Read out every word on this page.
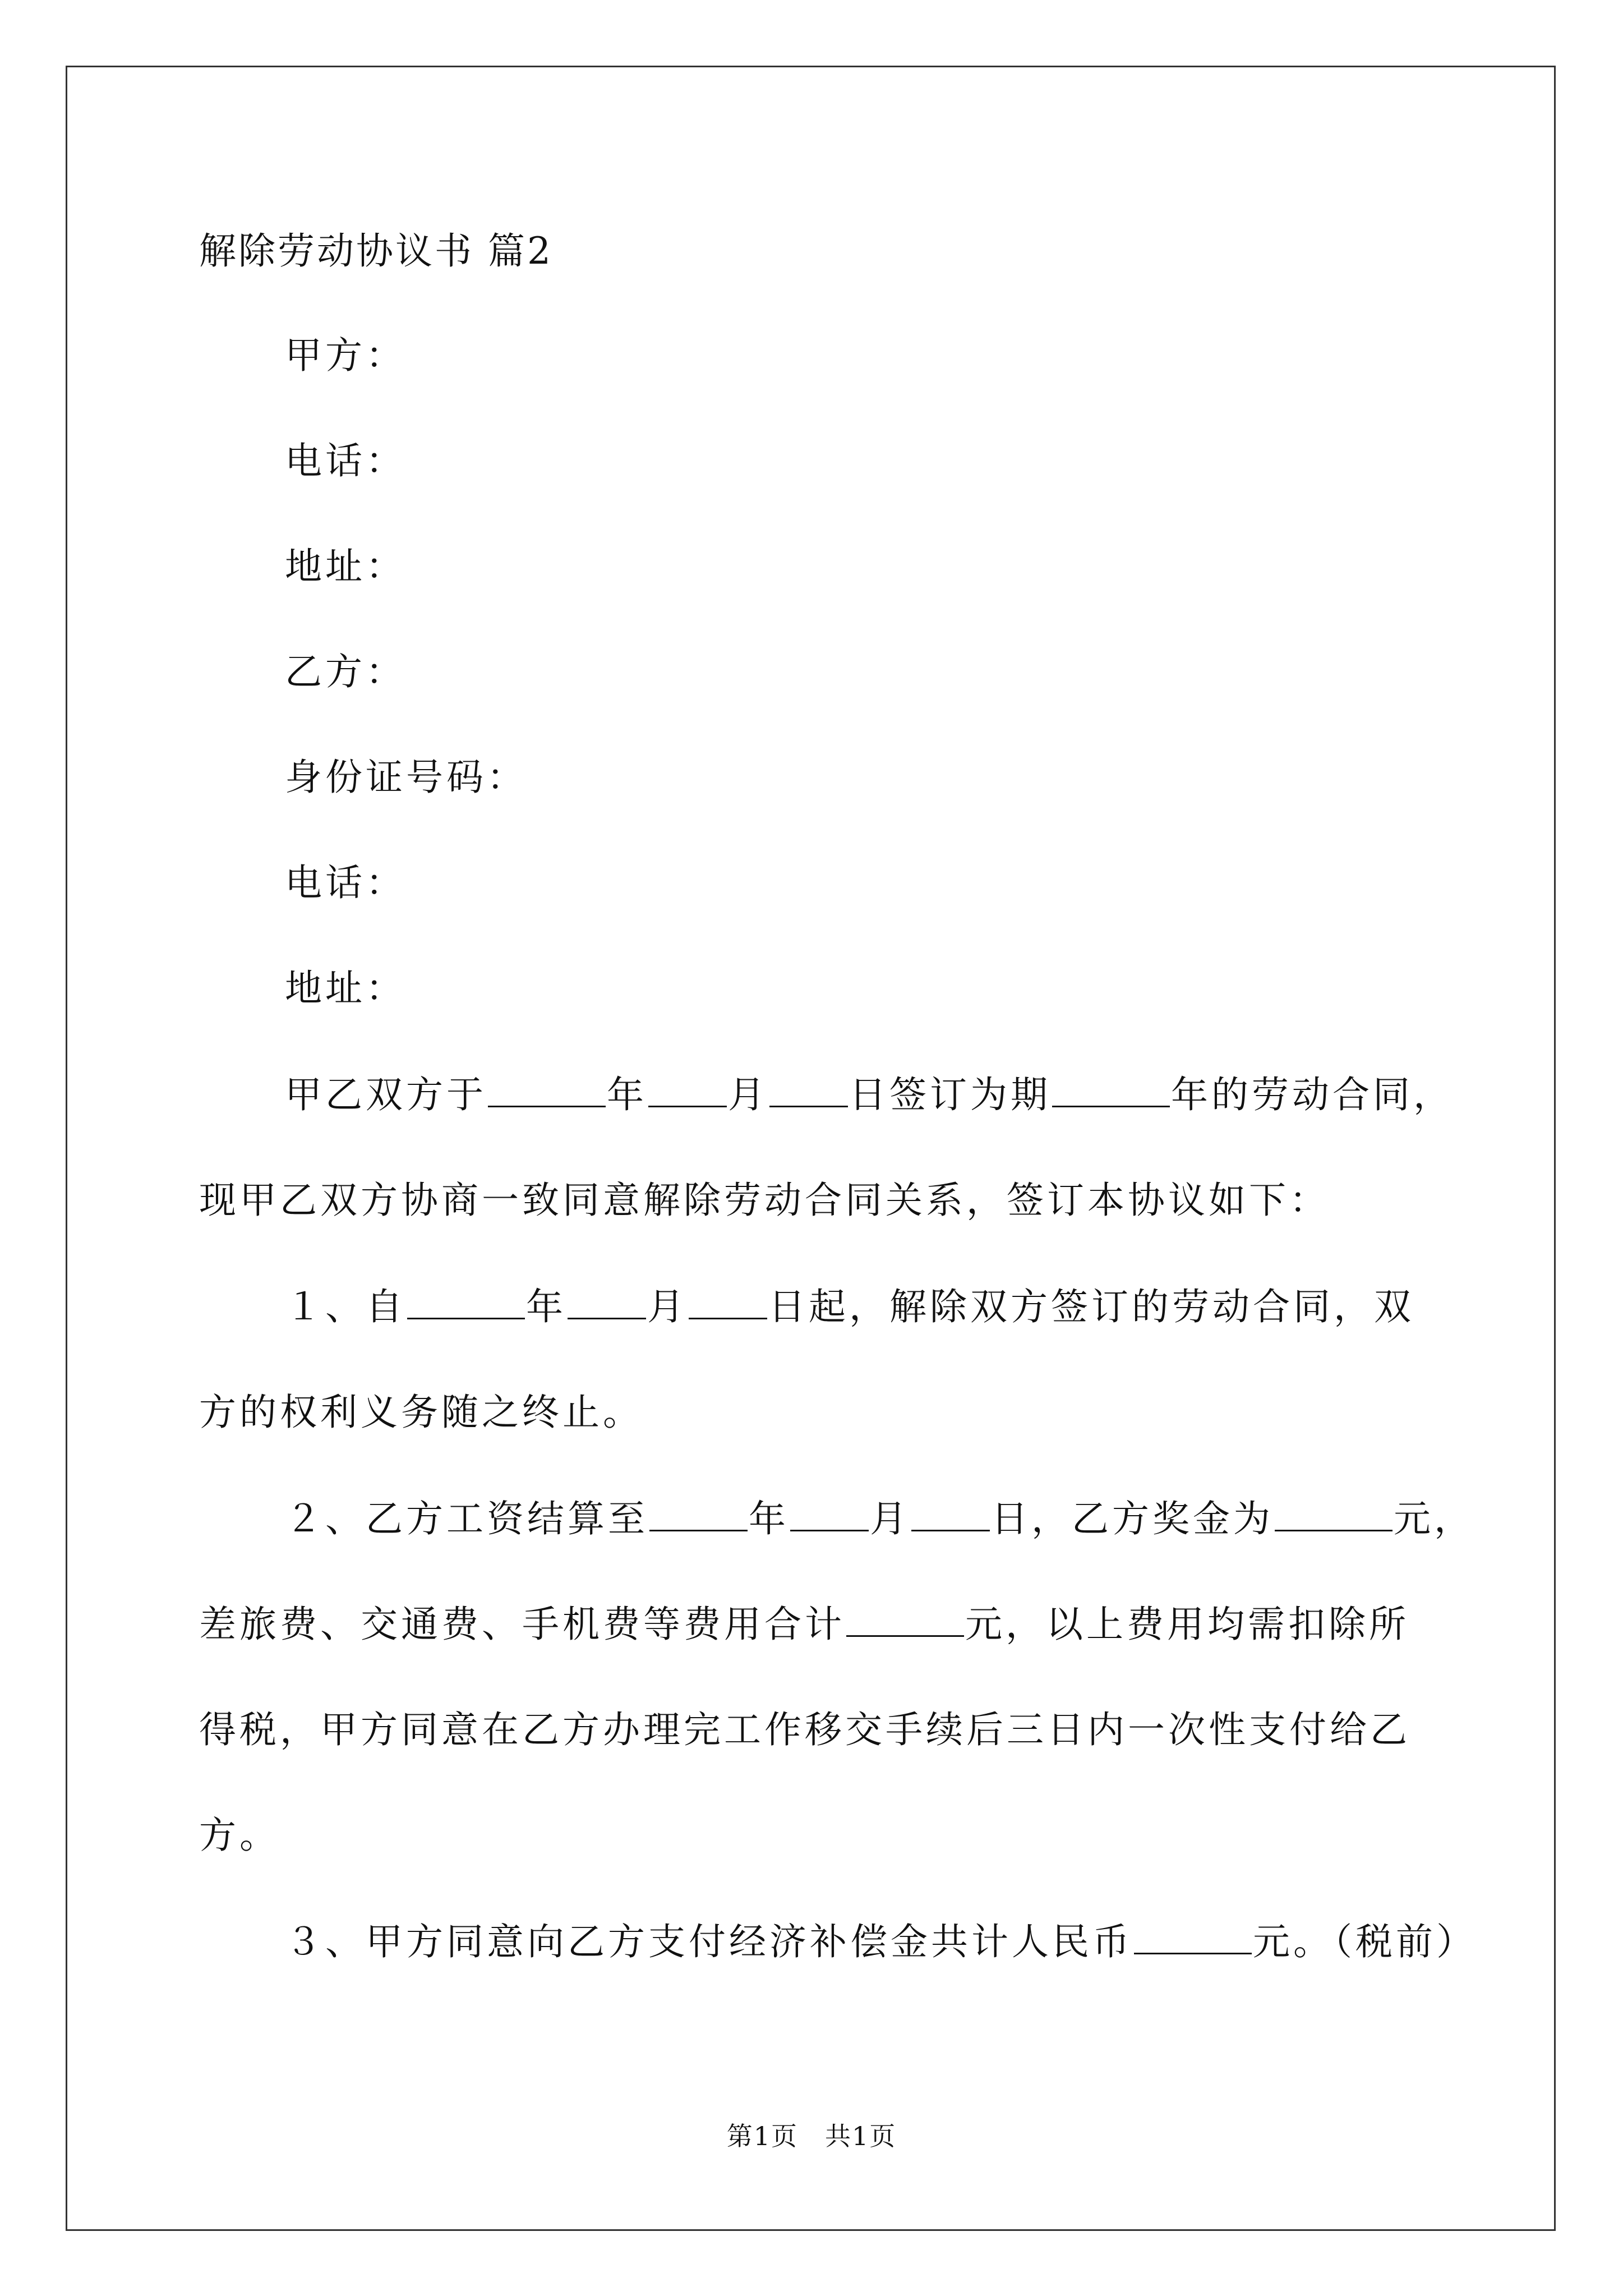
解除劳动协议书 篇2
甲方：
电话：
地址：
乙方：
身份证号码：
电话：
地址：
甲乙双方于	年 月 日签订为期	年的劳动合同，
现甲乙双方协商一致同意解除劳动合同关系，签订本协议如下：
１、自	年 月 日起，解除双方签订的劳动合同，双
方的权利义务随之终止。
２、乙方工资结算至	年 月 日，乙方奖金为	元，
差旅费、交通费、手机费等费用合计	元，以上费用均需扣除所
得税，甲方同意在乙方办理完工作移交手续后三日内一次性支付给乙
方。
３、甲方同意向乙方支付经济补偿金共计人民币	元。（税前）
第1页　共1页
